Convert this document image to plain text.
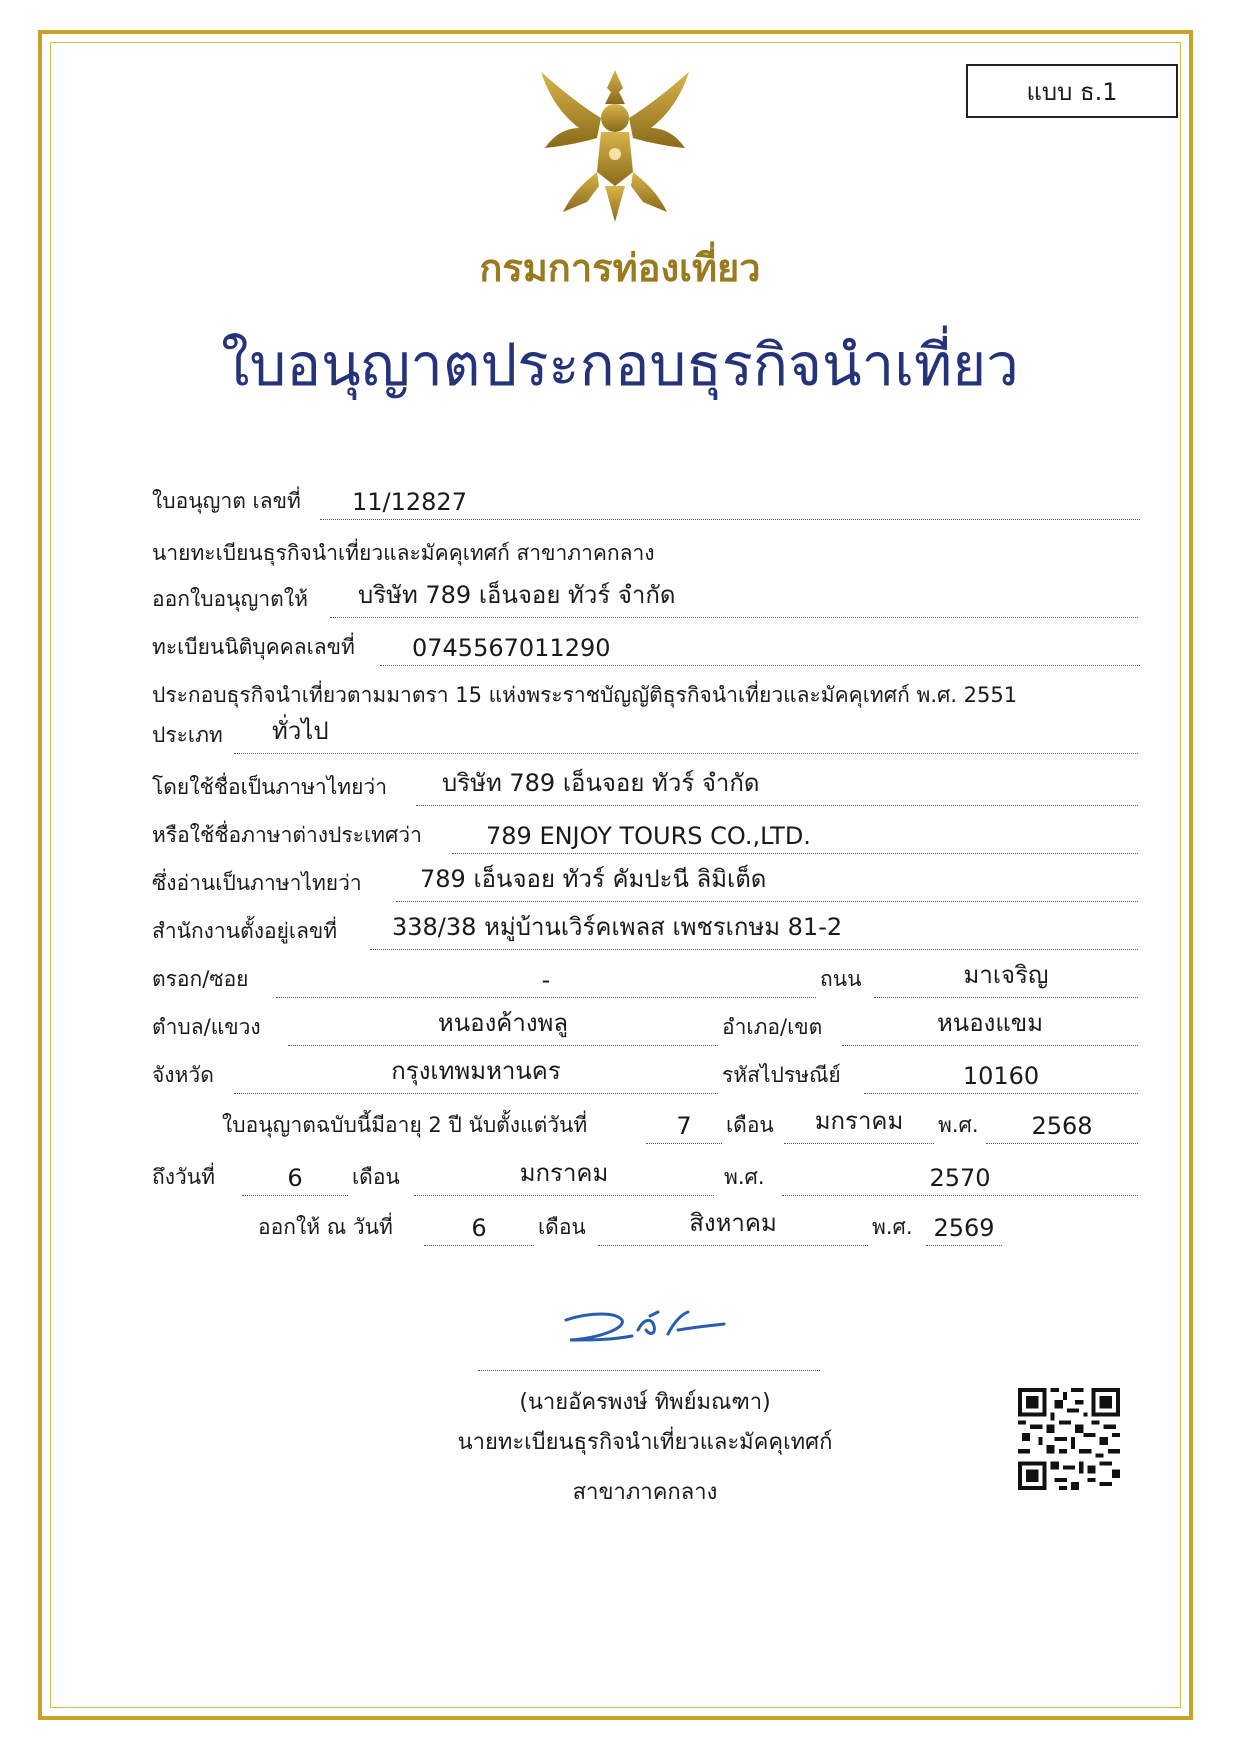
แบบ ธ.1
กรมการท่องเที่ยว
ใบอนุญาตประกอบธุรกิจนำเที่ยว
ใบอนุญาต เลขที่ 11/12827
นายทะเบียนธุรกิจนำเที่ยวและมัคคุเทศก์ สาขาภาคกลาง
ออกใบอนุญาตให้ บริษัท 789 เอ็นจอย ทัวร์ จำกัด
ทะเบียนนิติบุคคลเลขที่ 0745567011290
ประกอบธุรกิจนำเที่ยวตามมาตรา 15 แห่งพระราชบัญญัติธุรกิจนำเที่ยวและมัคคุเทศก์ พ.ศ. 2551
ประเภท ทั่วไป
โดยใช้ชื่อเป็นภาษาไทยว่า บริษัท 789 เอ็นจอย ทัวร์ จำกัด
หรือใช้ชื่อภาษาต่างประเทศว่า	789 ENJOY TOURS CO.,LTD.
ซึ่งอ่านเป็นภาษาไทยว่า 789 เอ็นจอย ทัวร์ คัมปะนี ลิมิเต็ด
สำนักงานตั้งอยู่เลขที่ 338/38 หมู่บ้านเวิร์คเพลส เพชรเกษม 81-2
ตรอก/ซอย	-	ถนน	มาเจริญ
ตำบล/แขวง	หนองค้างพลู	อำเภอ/เขต	หนองแขม
จังหวัด	กรุงเทพมหานคร	รหัสไปรษณีย์	10160
ใบอนุญาตฉบับนี้มีอายุ 2 ปี นับตั้งแต่วันที่	7	เดือน	มกราคม	พ.ศ.	2568
ถึงวันที่	6	เดือน	มกราคม	พ.ศ.	2570
ออกให้ ณ วันที่	6	เดือน	สิงหาคม	พ.ศ. 2569
(นายอัครพงษ์ ทิพย์มณฑา)
นายทะเบียนธุรกิจนำเที่ยวและมัคคุเทศก์
สาขาภาคกลาง
